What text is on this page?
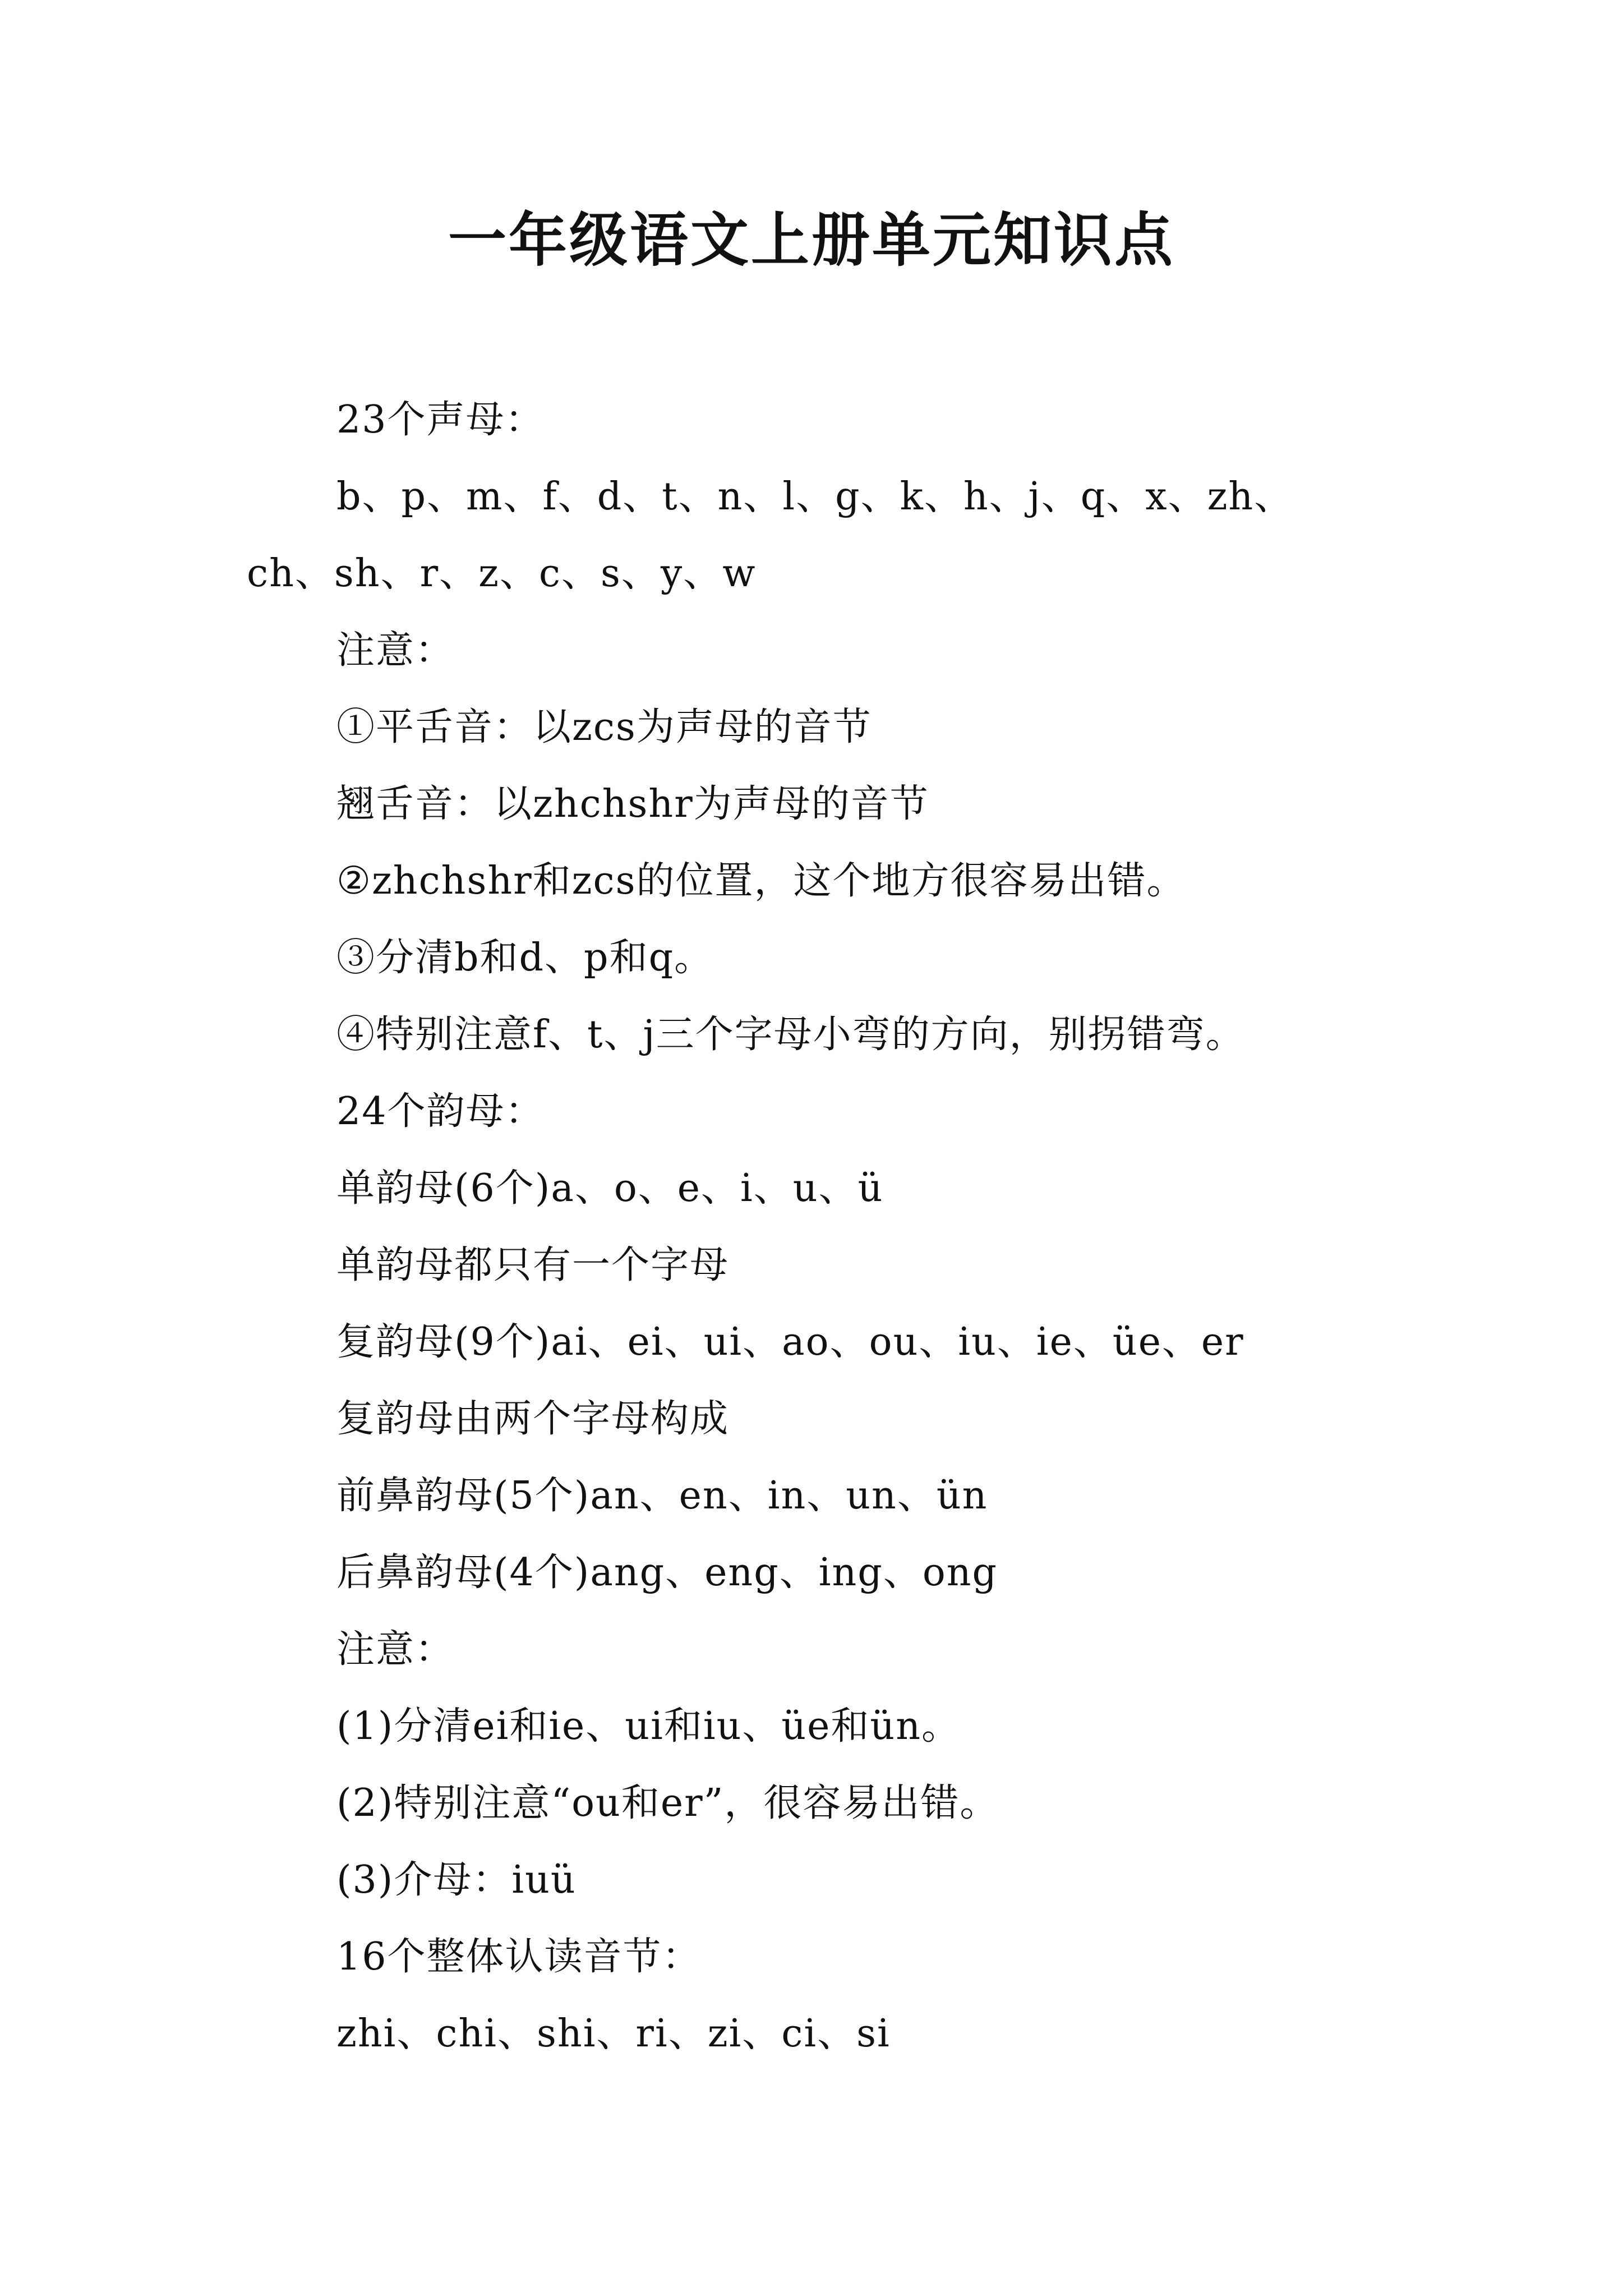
一年级语文上册单元知识点

23个声母：

b、p、m、f、d、t、n、l、g、k、h、j、q、x、zh、

ch、sh、r、z、c、s、y、w

注意：

①平舌音：以zcs为声母的音节

翘舌音：以zhchshr为声母的音节

②zhchshr和zcs的位置，这个地方很容易出错。

③分清b和d、p和q。

④特别注意f、t、j三个字母小弯的方向，别拐错弯。

24个韵母：

单韵母(6个)a、o、e、i、u、ü

单韵母都只有一个字母

复韵母(9个)ai、ei、ui、ao、ou、iu、ie、üe、er

复韵母由两个字母构成

前鼻韵母(5个)an、en、in、un、ün

后鼻韵母(4个)ang、eng、ing、ong

注意：

(1)分清ei和ie、ui和iu、üe和ün。

(2)特别注意“ou和er”，很容易出错。

(3)介母：iuü

16个整体认读音节：

zhi、chi、shi、ri、zi、ci、si
